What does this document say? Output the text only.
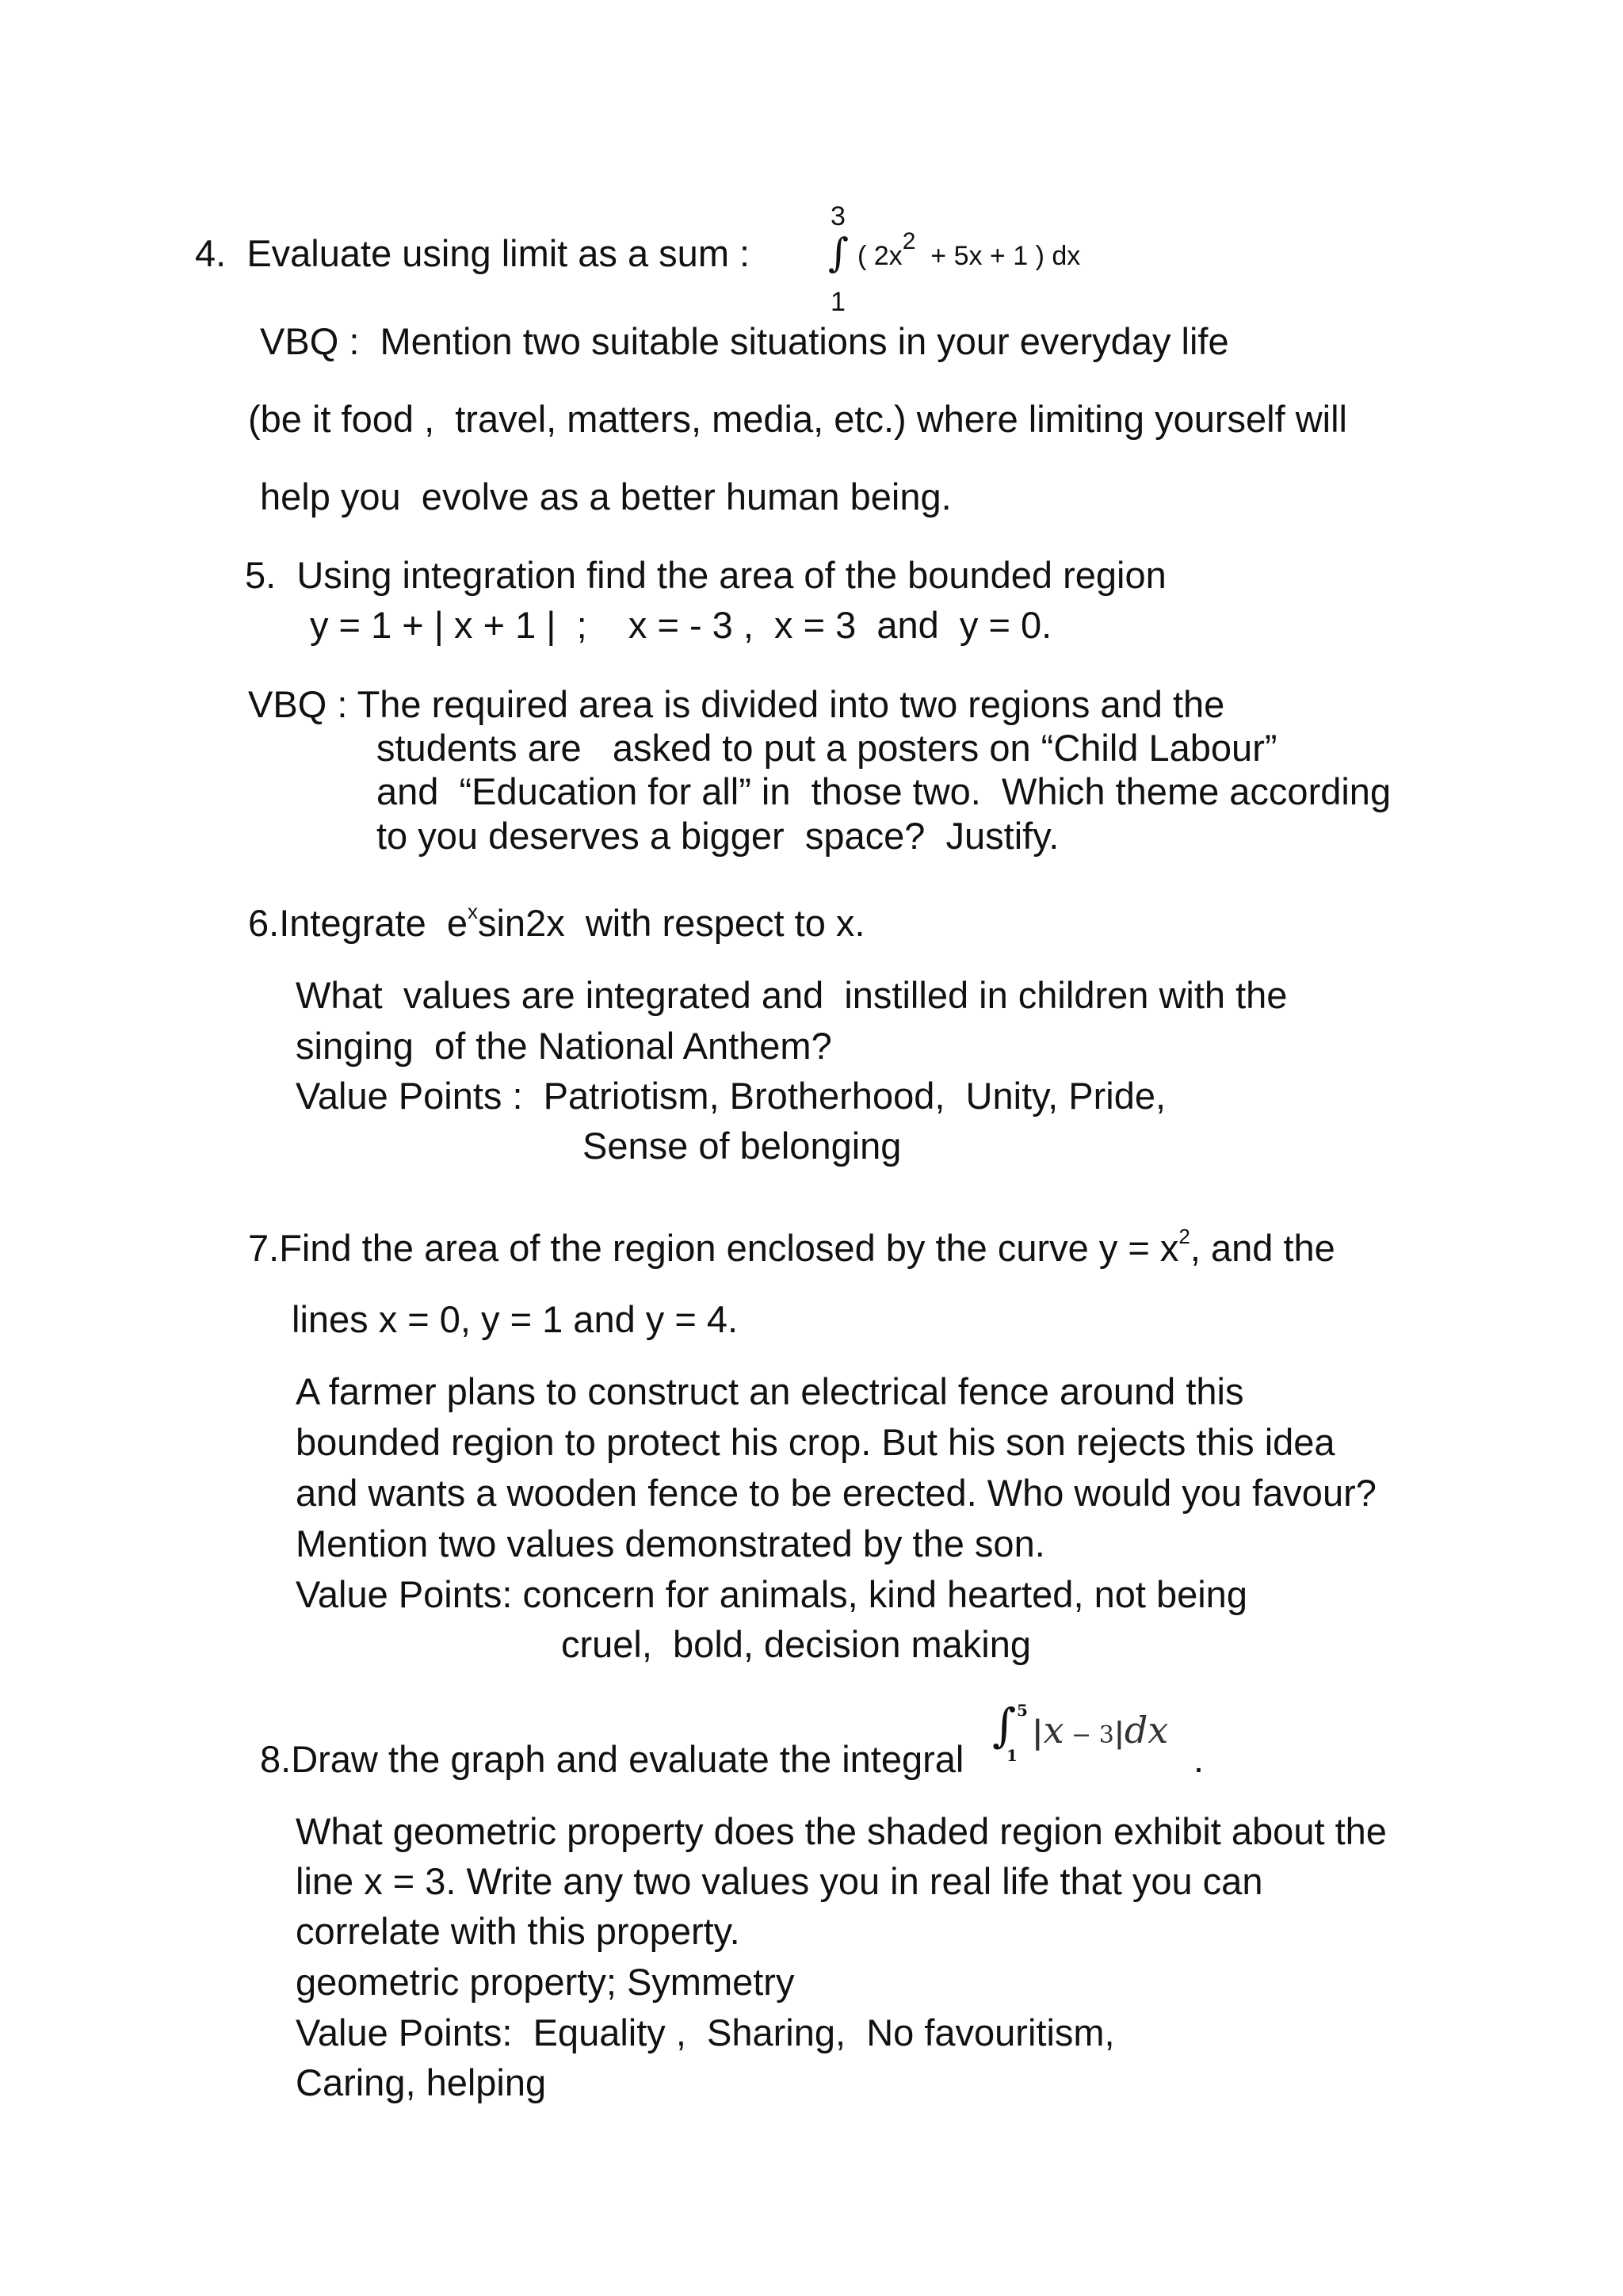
4.  Evaluate using limit as a sum :
3
∫ ( 2x2  + 5x + 1 ) dx
1
VBQ :  Mention two suitable situations in your everyday life
(be it food ,  travel, matters, media, etc.) where limiting yourself will
help you  evolve as a better human being.
5.  Using integration find the area of the bounded region
y = 1 + | x + 1 |  ;    x = - 3 ,  x = 3  and  y = 0.
VBQ : The required area is divided into two regions and the
students are   asked to put a posters on “Child Labour”
and  “Education for all” in  those two.  Which theme according
to you deserves a bigger  space?  Justify.
6.Integrate  $e^x\sin 2x$  with respect to x.
What  values are integrated and  instilled in children with the
singing  of the National Anthem?
Value Points :  Patriotism, Brotherhood,  Unity, Pride,
Sense of belonging
7.Find the area of the region enclosed by the curve $y = x^2$, and the
lines x = 0, y = 1 and y = 4.
A farmer plans to construct an electrical fence around this
bounded region to protect his crop. But his son rejects this idea
and wants a wooden fence to be erected. Who would you favour?
Mention two values demonstrated by the son.
Value Points: concern for animals, kind hearted, not being
cruel,  bold, decision making
8.Draw the graph and evaluate the integral
∫ 5
1
|x − 3|dx
.
What geometric property does the shaded region exhibit about the
line x = 3. Write any two values you in real life that you can
correlate with this property.
geometric property; Symmetry
Value Points:  Equality ,  Sharing,  No favouritism,
Caring, helping
